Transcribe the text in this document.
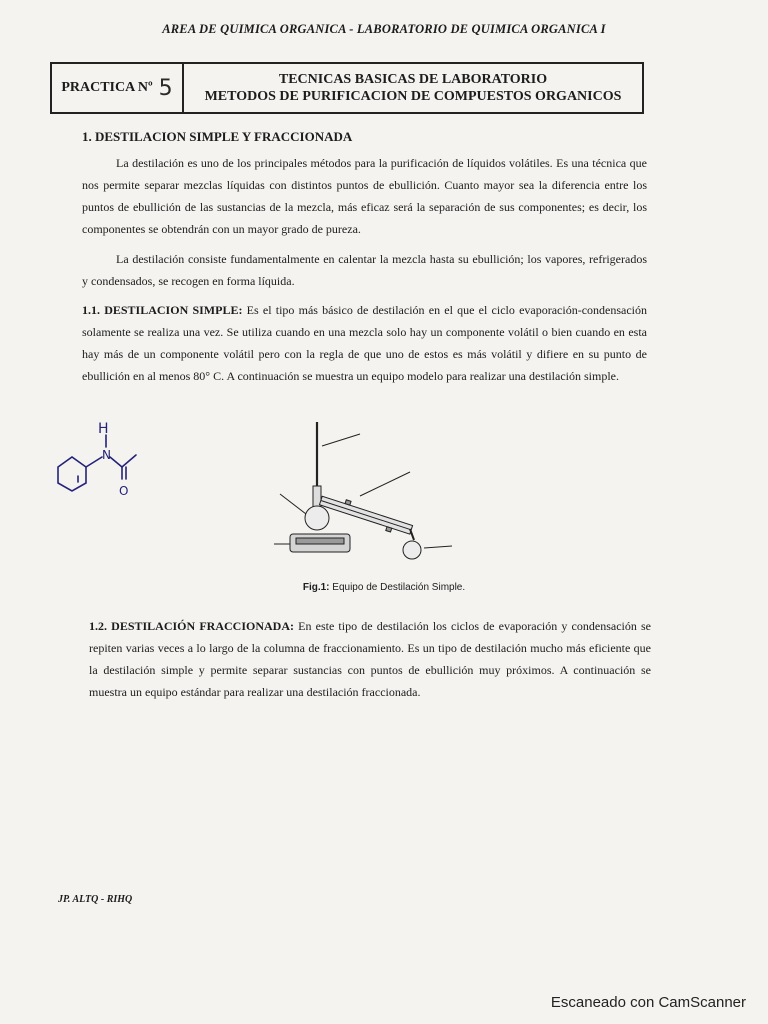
AREA DE QUIMICA ORGANICA - LABORATORIO DE QUIMICA ORGANICA I
PRACTICA Nº 5	TECNICAS BASICAS DE LABORATORIO
METODOS DE PURIFICACION DE COMPUESTOS ORGANICOS
1. DESTILACION SIMPLE Y FRACCIONADA
La destilación es uno de los principales métodos para la purificación de líquidos volátiles. Es una técnica que nos permite separar mezclas líquidas con distintos puntos de ebullición. Cuanto mayor sea la diferencia entre los puntos de ebullición de las sustancias de la mezcla, más eficaz será la separación de sus componentes; es decir, los componentes se obtendrán con un mayor grado de pureza.
La destilación consiste fundamentalmente en calentar la mezcla hasta su ebullición; los vapores, refrigerados y condensados, se recogen en forma líquida.
1.1. DESTILACION SIMPLE: Es el tipo más básico de destilación en el que el ciclo evaporación-condensación solamente se realiza una vez. Se utiliza cuando en una mezcla solo hay un componente volátil o bien cuando en esta hay más de un componente volátil pero con la regla de que uno de estos es más volátil y difiere en su punto de ebullición en al menos 80° C. A continuación se muestra un equipo modelo para realizar una destilación simple.
H
N
O
Fig.1: Equipo de Destilación Simple.
1.2. DESTILACIÓN FRACCIONADA: En este tipo de destilación los ciclos de evaporación y condensación se repiten varias veces a lo largo de la columna de fraccionamiento. Es un tipo de destilación mucho más eficiente que la destilación simple y permite separar sustancias con puntos de ebullición muy próximos. A continuación se muestra un equipo estándar para realizar una destilación fraccionada.
JP. ALTQ - RIHQ
Escaneado con CamScanner
